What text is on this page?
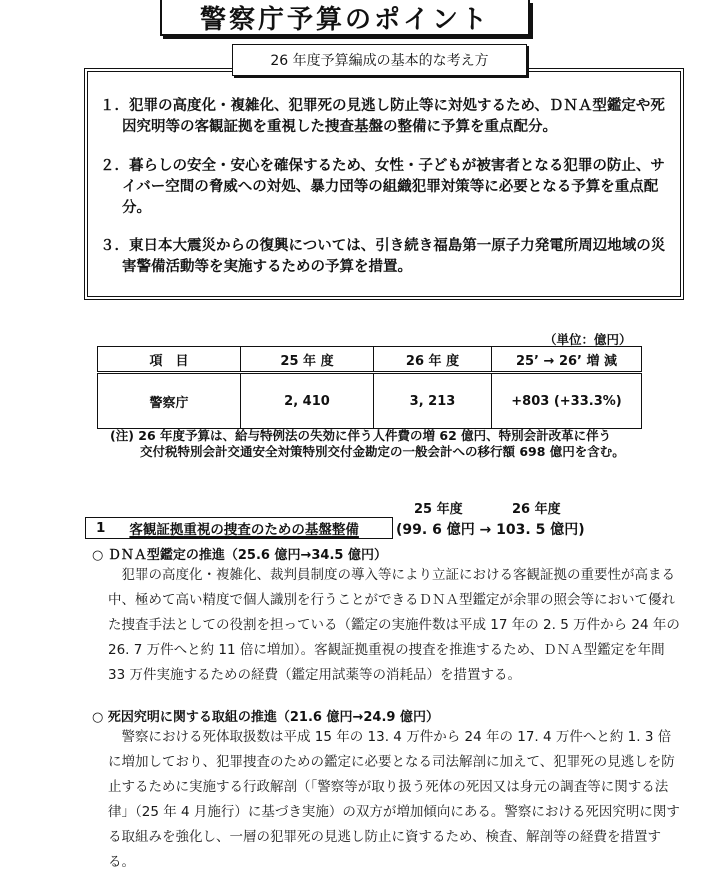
警察庁予算のポイント
26 年度予算編成の基本的な考え方
１．犯罪の高度化・複雑化、犯罪死の見逃し防止等に対処するため、ＤＮＡ型鑑定や死因究明等の客観証拠を重視した捜査基盤の整備に予算を重点配分。
２．暮らしの安全・安心を確保するため、女性・子どもが被害者となる犯罪の防止、サイバー空間の脅威への対処、暴力団等の組織犯罪対策等に必要となる予算を重点配分。
３．東日本大震災からの復興については、引き続き福島第一原子力発電所周辺地域の災害警備活動等を実施するための予算を措置。
（単位：億円）
項　目	25 年 度	26 年 度	25’ → 26’ 増 減
警察庁	2, 410	3, 213	+803 (+33.3%)
(注) 26 年度予算は、給与特例法の失効に伴う人件費の増 62 億円、特別会計改革に伴う
交付税特別会計交通安全対策特別交付金勘定の一般会計への移行額 698 億円を含む。
25 年度	26 年度
1 客観証拠重視の捜査のための基盤整備	(99. 6 億円 → 103. 5 億円)
○ ＤＮＡ型鑑定の推進（25.6 億円→34.5 億円）
犯罪の高度化・複雑化、裁判員制度の導入等により立証における客観証拠の重要性が高まる中、極めて高い精度で個人識別を行うことができるＤＮＡ型鑑定が余罪の照会等において優れた捜査手法としての役割を担っている（鑑定の実施件数は平成 17 年の 2. 5 万件から 24 年の 26. 7 万件へと約 11 倍に増加）。客観証拠重視の捜査を推進するため、ＤＮＡ型鑑定を年間 33 万件実施するための経費（鑑定用試薬等の消耗品）を措置する。
○ 死因究明に関する取組の推進（21.6 億円→24.9 億円）
警察における死体取扱数は平成 15 年の 13. 4 万件から 24 年の 17. 4 万件へと約 1. 3 倍に増加しており、犯罪捜査のための鑑定に必要となる司法解剖に加えて、犯罪死の見逃しを防止するために実施する行政解剖（「警察等が取り扱う死体の死因又は身元の調査等に関する法律」（25 年 4 月施行）に基づき実施）の双方が増加傾向にある。警察における死因究明に関する取組みを強化し、一層の犯罪死の見逃し防止に資するため、検査、解剖等の経費を措置する。
